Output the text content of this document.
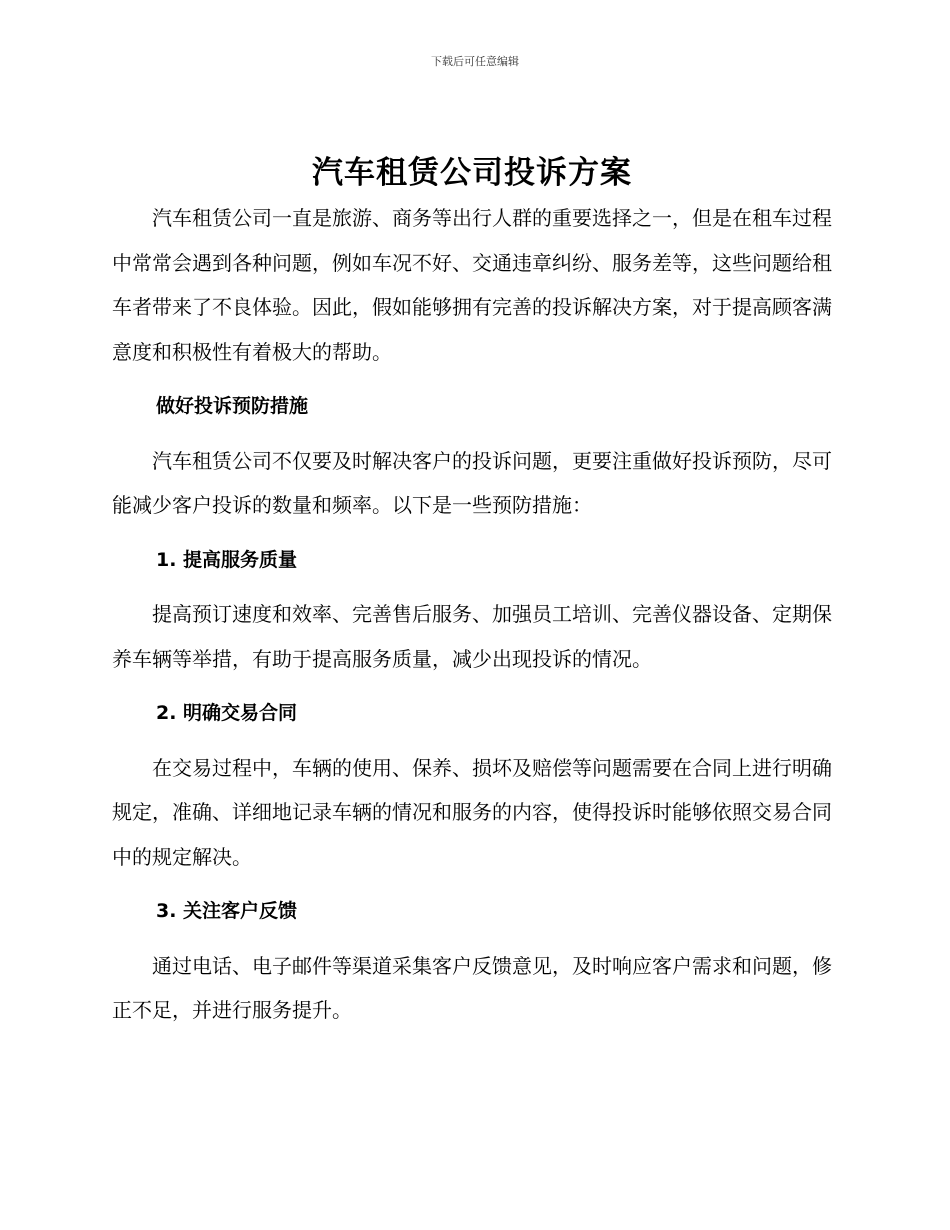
下载后可任意编辑
汽车租赁公司投诉方案

汽车租赁公司一直是旅游、商务等出行人群的重要选择之一，但是在租车过程中常常会遇到各种问题，例如车况不好、交通违章纠纷、服务差等，这些问题给租车者带来了不良体验。因此，假如能够拥有完善的投诉解决方案，对于提高顾客满意度和积极性有着极大的帮助。

做好投诉预防措施

汽车租赁公司不仅要及时解决客户的投诉问题，更要注重做好投诉预防，尽可能减少客户投诉的数量和频率。以下是一些预防措施：

1. 提高服务质量

提高预订速度和效率、完善售后服务、加强员工培训、完善仪器设备、定期保养车辆等举措，有助于提高服务质量，减少出现投诉的情况。

2. 明确交易合同

在交易过程中，车辆的使用、保养、损坏及赔偿等问题需要在合同上进行明确规定，准确、详细地记录车辆的情况和服务的内容，使得投诉时能够依照交易合同中的规定解决。

3. 关注客户反馈

通过电话、电子邮件等渠道采集客户反馈意见，及时响应客户需求和问题，修正不足，并进行服务提升。
